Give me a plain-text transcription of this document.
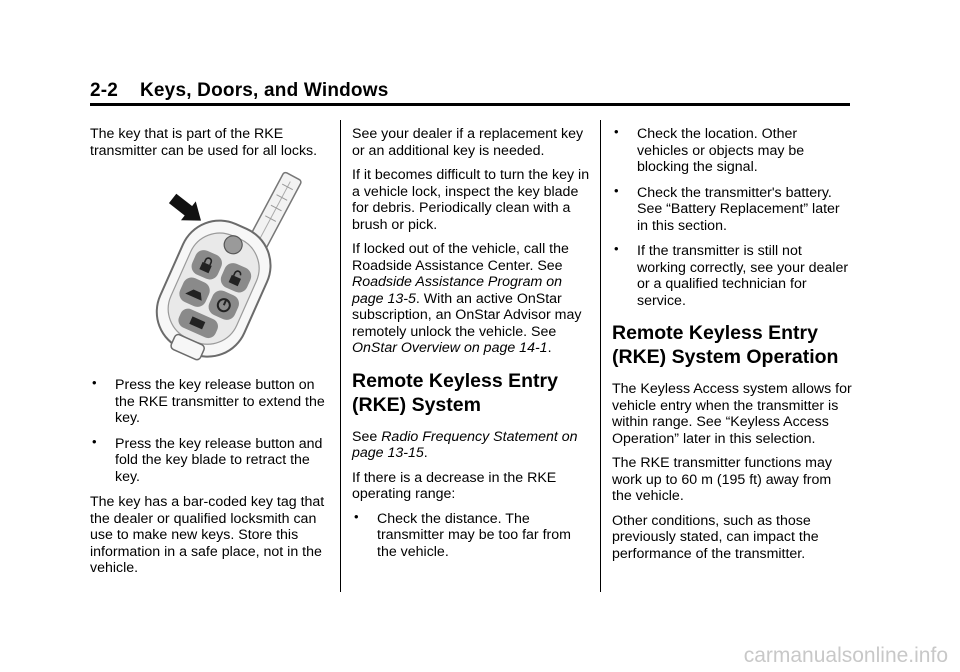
2-2 Keys, Doors, and Windows

The key that is part of the RKE transmitter can be used for all locks.

• Press the key release button on the RKE transmitter to extend the key.
• Press the key release button and fold the key blade to retract the key.

The key has a bar-coded key tag that the dealer or qualified locksmith can use to make new keys. Store this information in a safe place, not in the vehicle.

See your dealer if a replacement key or an additional key is needed.

If it becomes difficult to turn the key in a vehicle lock, inspect the key blade for debris. Periodically clean with a brush or pick.

If locked out of the vehicle, call the Roadside Assistance Center. See Roadside Assistance Program on page 13-5. With an active OnStar subscription, an OnStar Advisor may remotely unlock the vehicle. See OnStar Overview on page 14-1.

Remote Keyless Entry
(RKE) System

See Radio Frequency Statement on page 13-15.

If there is a decrease in the RKE operating range:

• Check the distance. The transmitter may be too far from the vehicle.
• Check the location. Other vehicles or objects may be blocking the signal.
• Check the transmitter's battery. See “Battery Replacement” later in this section.
• If the transmitter is still not working correctly, see your dealer or a qualified technician for service.
Remote Keyless Entry
(RKE) System Operation

The Keyless Access system allows for vehicle entry when the transmitter is within range. See “Keyless Access Operation” later in this selection.

The RKE transmitter functions may work up to 60 m (195 ft) away from the vehicle.

Other conditions, such as those previously stated, can impact the performance of the transmitter.

carmanualsonline.info
